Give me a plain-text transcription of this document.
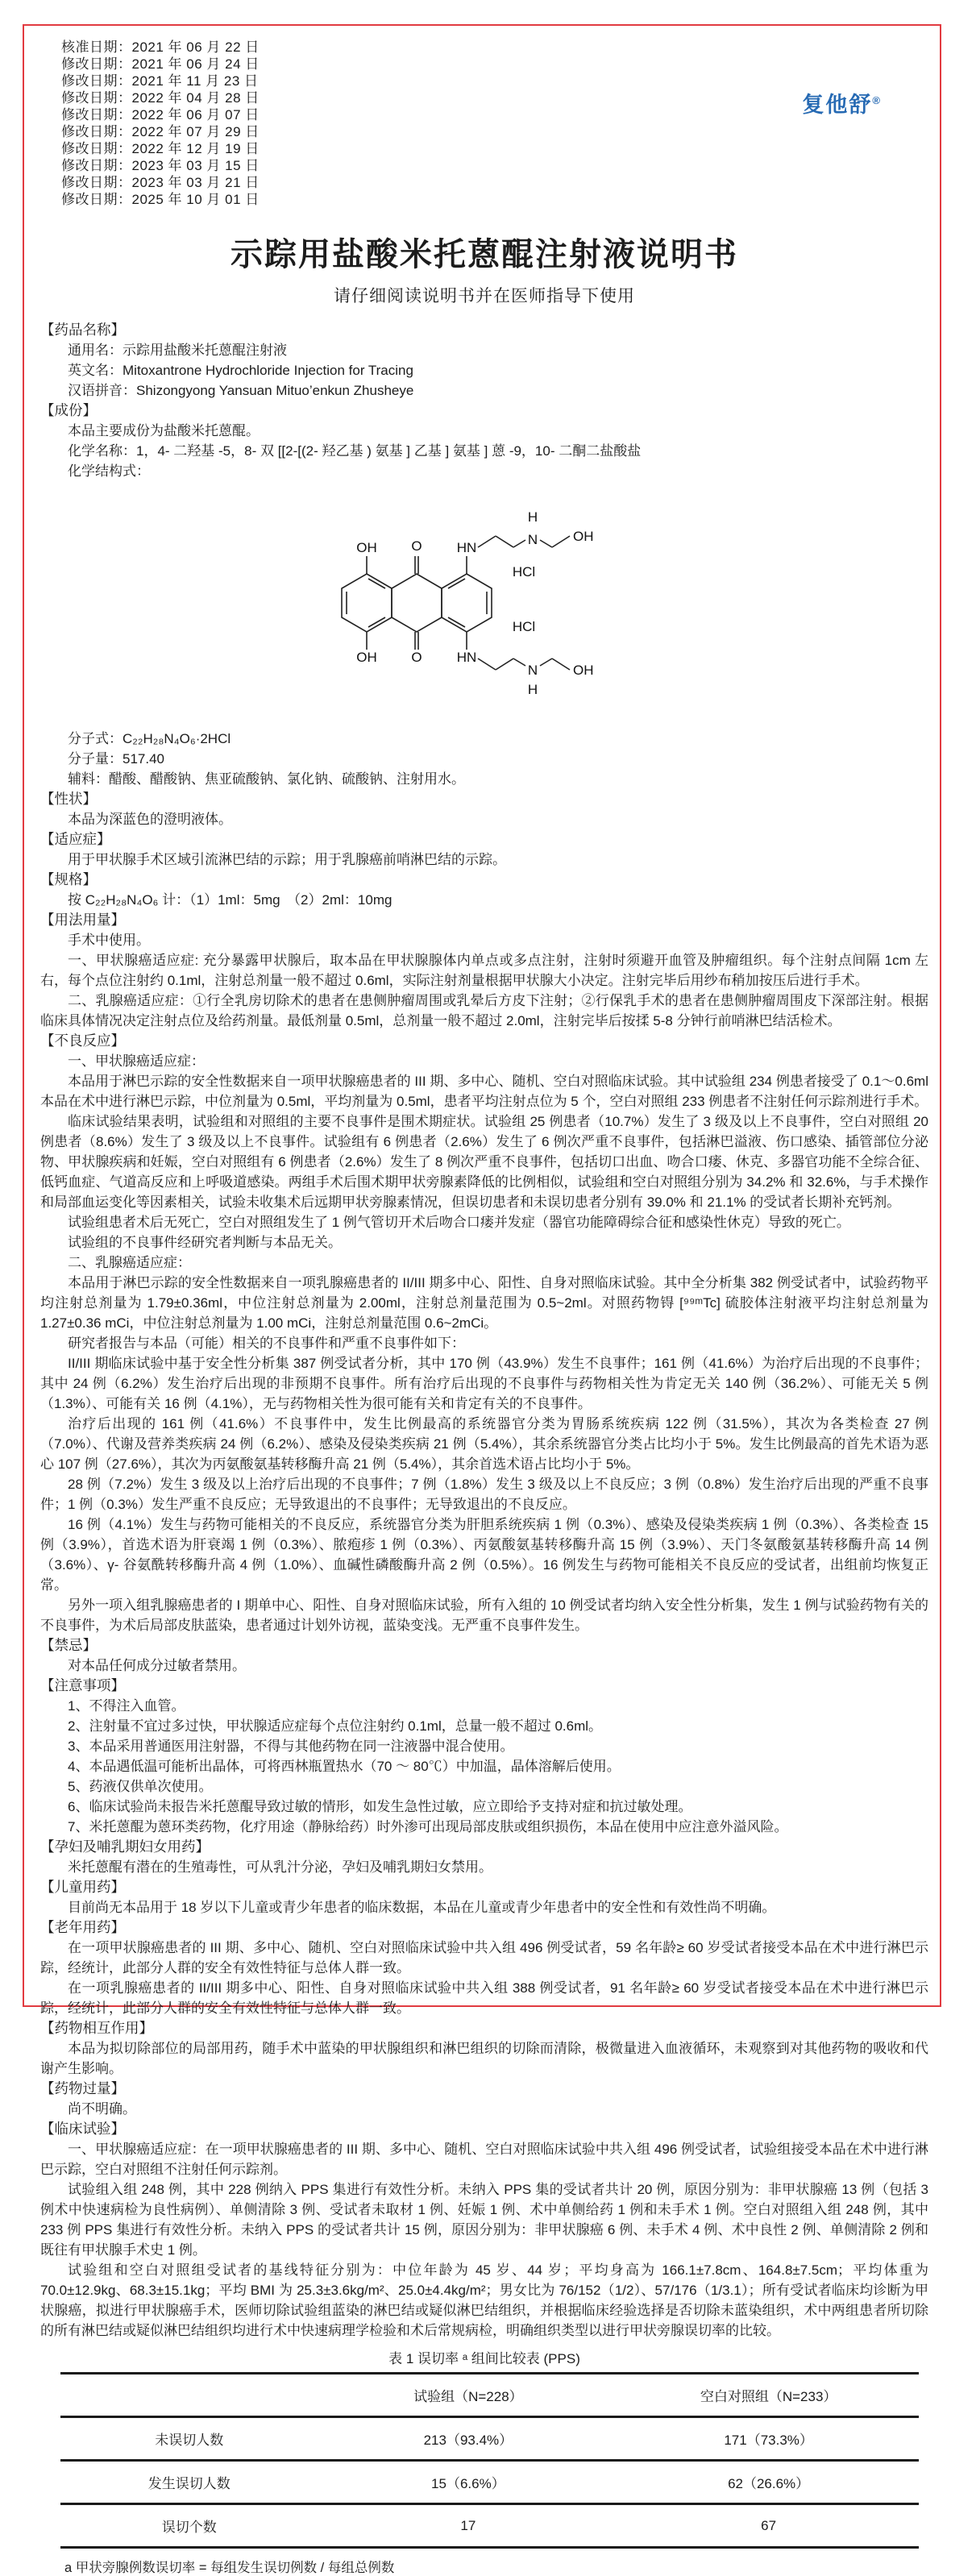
核准日期：2021 年 06 月 22 日
修改日期：2021 年 06 月 24 日
修改日期：2021 年 11 月 23 日
修改日期：2022 年 04 月 28 日
修改日期：2022 年 06 月 07 日
修改日期：2022 年 07 月 29 日
修改日期：2022 年 12 月 19 日
修改日期：2023 年 03 月 15 日
修改日期：2023 年 03 月 21 日
修改日期：2025 年 10 月 01 日
复他舒®
示踪用盐酸米托蒽醌注射液说明书
请仔细阅读说明书并在医师指导下使用
【药品名称】
通用名：示踪用盐酸米托蒽醌注射液
英文名：Mitoxantrone Hydrochloride Injection for Tracing
汉语拼音：Shizongyong Yansuan Mituo’enkun Zhusheye
【成份】
本品主要成份为盐酸米托蒽醌。
化学名称：1，4- 二羟基 -5，8- 双 [[2-[(2- 羟乙基 ) 氨基 ] 乙基 ] 氨基 ] 蒽 -9，10- 二酮二盐酸盐
化学结构式：
OH	O	HN
H
N	OH
HCl
HCl
OH	O	HN
N
H
OH
分子式：C₂₂H₂₈N₄O₆·2HCl
分子量：517.40
辅料：醋酸、醋酸钠、焦亚硫酸钠、氯化钠、硫酸钠、注射用水。
【性状】
本品为深蓝色的澄明液体。
【适应症】
用于甲状腺手术区域引流淋巴结的示踪；用于乳腺癌前哨淋巴结的示踪。
【规格】
按 C₂₂H₂₈N₄O₆ 计：（1）1ml：5mg　（2）2ml：10mg
【用法用量】
手术中使用。
一、甲状腺癌适应症: 充分暴露甲状腺后，取本品在甲状腺腺体内单点或多点注射，注射时须避开血管及肿瘤组织。每个注射点间隔 1cm 左右，每个点位注射约 0.1ml，注射总剂量一般不超过 0.6ml，实际注射剂量根据甲状腺大小决定。注射完毕后用纱布稍加按压后进行手术。
二、乳腺癌适应症：①行全乳房切除术的患者在患侧肿瘤周围或乳晕后方皮下注射；②行保乳手术的患者在患侧肿瘤周围皮下深部注射。根据临床具体情况决定注射点位及给药剂量。最低剂量 0.5ml，总剂量一般不超过 2.0ml，注射完毕后按揉 5-8 分钟行前哨淋巴结活检术。
【不良反应】
一、甲状腺癌适应症：
本品用于淋巴示踪的安全性数据来自一项甲状腺癌患者的 III 期、多中心、随机、空白对照临床试验。其中试验组 234 例患者接受了 0.1～0.6ml 本品在术中进行淋巴示踪，中位剂量为 0.5ml，平均剂量为 0.5ml，患者平均注射点位为 5 个，空白对照组 233 例患者不注射任何示踪剂进行手术。
临床试验结果表明，试验组和对照组的主要不良事件是围术期症状。试验组 25 例患者（10.7%）发生了 3 级及以上不良事件，空白对照组 20 例患者（8.6%）发生了 3 级及以上不良事件。试验组有 6 例患者（2.6%）发生了 6 例次严重不良事件，包括淋巴溢液、伤口感染、插管部位分泌物、甲状腺疾病和妊娠，空白对照组有 6 例患者（2.6%）发生了 8 例次严重不良事件，包括切口出血、吻合口瘘、休克、多器官功能不全综合征、低钙血症、气道高反应和上呼吸道感染。两组手术后围术期甲状旁腺素降低的比例相似，试验组和空白对照组分别为 34.2% 和 32.6%，与手术操作和局部血运变化等因素相关，试验未收集术后远期甲状旁腺素情况，但误切患者和未误切患者分别有 39.0% 和 21.1% 的受试者长期补充钙剂。
试验组患者术后无死亡，空白对照组发生了 1 例气管切开术后吻合口瘘并发症（器官功能障碍综合征和感染性休克）导致的死亡。
试验组的不良事件经研究者判断与本品无关。
二、乳腺癌适应症：
本品用于淋巴示踪的安全性数据来自一项乳腺癌患者的 II/III 期多中心、阳性、自身对照临床试验。其中全分析集 382 例受试者中，试验药物平均注射总剂量为 1.79±0.36ml，中位注射总剂量为 2.00ml，注射总剂量范围为 0.5~2ml。对照药物锝 [⁹⁹ᵐTc] 硫胶体注射液平均注射总剂量为 1.27±0.36 mCi，中位注射总剂量为 1.00 mCi，注射总剂量范围 0.6~2mCi。
研究者报告与本品（可能）相关的不良事件和严重不良事件如下：
II/III 期临床试验中基于安全性分析集 387 例受试者分析，其中 170 例（43.9%）发生不良事件；161 例（41.6%）为治疗后出现的不良事件；其中 24 例（6.2%）发生治疗后出现的非预期不良事件。所有治疗后出现的不良事件与药物相关性为肯定无关 140 例（36.2%）、可能无关 5 例（1.3%）、可能有关 16 例（4.1%），无与药物相关性为很可能有关和肯定有关的不良事件。
治疗后出现的 161 例（41.6%）不良事件中，发生比例最高的系统器官分类为胃肠系统疾病 122 例（31.5%），其次为各类检查 27 例（7.0%）、代谢及营养类疾病 24 例（6.2%）、感染及侵染类疾病 21 例（5.4%），其余系统器官分类占比均小于 5%。发生比例最高的首先术语为恶心 107 例（27.6%），其次为丙氨酸氨基转移酶升高 21 例（5.4%），其余首选术语占比均小于 5%。
28 例（7.2%）发生 3 级及以上治疗后出现的不良事件；7 例（1.8%）发生 3 级及以上不良反应；3 例（0.8%）发生治疗后出现的严重不良事件；1 例（0.3%）发生严重不良反应；无导致退出的不良事件；无导致退出的不良反应。
16 例（4.1%）发生与药物可能相关的不良反应，系统器官分类为肝胆系统疾病 1 例（0.3%）、感染及侵染类疾病 1 例（0.3%）、各类检查 15 例（3.9%），首选术语为肝衰竭 1 例（0.3%）、脓疱疹 1 例（0.3%）、丙氨酸氨基转移酶升高 15 例（3.9%）、天门冬氨酸氨基转移酶升高 14 例（3.6%）、γ- 谷氨酰转移酶升高 4 例（1.0%）、血碱性磷酸酶升高 2 例（0.5%）。16 例发生与药物可能相关不良反应的受试者，出组前均恢复正常。
另外一项入组乳腺癌患者的 I 期单中心、阳性、自身对照临床试验，所有入组的 10 例受试者均纳入安全性分析集，发生 1 例与试验药物有关的不良事件，为术后局部皮肤蓝染，患者通过计划外访视，蓝染变浅。无严重不良事件发生。
【禁忌】
对本品任何成分过敏者禁用。
【注意事项】
1、不得注入血管。
2、注射量不宜过多过快，甲状腺适应症每个点位注射约 0.1ml，总量一般不超过 0.6ml。
3、本品采用普通医用注射器，不得与其他药物在同一注液器中混合使用。
4、本品遇低温可能析出晶体，可将西林瓶置热水（70 ～ 80℃）中加温，晶体溶解后使用。
5、药液仅供单次使用。
6、临床试验尚未报告米托蒽醌导致过敏的情形，如发生急性过敏，应立即给予支持对症和抗过敏处理。
7、米托蒽醌为蒽环类药物，化疗用途（静脉给药）时外渗可出现局部皮肤或组织损伤，本品在使用中应注意外溢风险。
【孕妇及哺乳期妇女用药】
米托蒽醌有潜在的生殖毒性，可从乳汁分泌，孕妇及哺乳期妇女禁用。
【儿童用药】
目前尚无本品用于 18 岁以下儿童或青少年患者的临床数据，本品在儿童或青少年患者中的安全性和有效性尚不明确。
【老年用药】
在一项甲状腺癌患者的 III 期、多中心、随机、空白对照临床试验中共入组 496 例受试者，59 名年龄≥ 60 岁受试者接受本品在术中进行淋巴示踪，经统计，此部分人群的安全有效性特征与总体人群一致。
在一项乳腺癌患者的 II/III 期多中心、阳性、自身对照临床试验中共入组 388 例受试者，91 名年龄≥ 60 岁受试者接受本品在术中进行淋巴示踪，经统计，此部分人群的安全有效性特征与总体人群一致。
【药物相互作用】
本品为拟切除部位的局部用药，随手术中蓝染的甲状腺组织和淋巴组织的切除而清除，极微量进入血液循环，未观察到对其他药物的吸收和代谢产生影响。
【药物过量】
尚不明确。
【临床试验】
一、甲状腺癌适应症：在一项甲状腺癌患者的 III 期、多中心、随机、空白对照临床试验中共入组 496 例受试者，试验组接受本品在术中进行淋巴示踪，空白对照组不注射任何示踪剂。
试验组入组 248 例，其中 228 例纳入 PPS 集进行有效性分析。未纳入 PPS 集的受试者共计 20 例，原因分别为：非甲状腺癌 13 例（包括 3 例术中快速病检为良性病例）、单侧清除 3 例、受试者未取材 1 例、妊娠 1 例、术中单侧给药 1 例和未手术 1 例。空白对照组入组 248 例，其中 233 例 PPS 集进行有效性分析。未纳入 PPS 的受试者共计 15 例，原因分别为：非甲状腺癌 6 例、未手术 4 例、术中良性 2 例、单侧清除 2 例和既往有甲状腺手术史 1 例。
试验组和空白对照组受试者的基线特征分别为：中位年龄为 45 岁、44 岁；平均身高为 166.1±7.8cm、164.8±7.5cm；平均体重为 70.0±12.9kg、68.3±15.1kg；平均 BMI 为 25.3±3.6kg/m²、25.0±4.4kg/m²；男女比为 76/152（1/2）、57/176（1/3.1）；所有受试者临床均诊断为甲状腺癌，拟进行甲状腺癌手术，医师切除试验组蓝染的淋巴结或疑似淋巴结组织，并根据临床经验选择是否切除未蓝染组织，术中两组患者所切除的所有淋巴结或疑似淋巴结组织均进行术中快速病理学检验和术后常规病检，明确组织类型以进行甲状旁腺误切率的比较。
表 1 误切率 ᵃ 组间比较表 (PPS)
	试验组（N=228）	空白对照组（N=233）
未误切人数	213（93.4%）	171（73.3%）
发生误切人数	15（6.6%）	62（26.6%）
误切个数	17	67
a 甲状旁腺例数误切率 = 每组发生误切例数 / 每组总例数
